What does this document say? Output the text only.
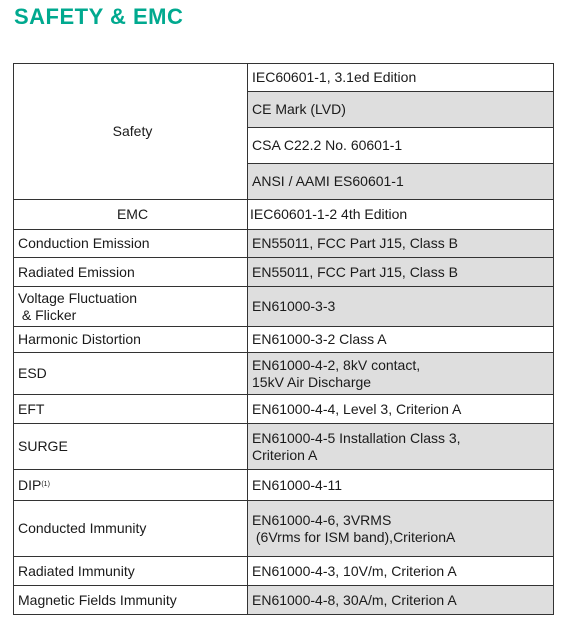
SAFETY & EMC
Safety	IEC60601-1, 3.1ed Edition
	CE Mark (LVD)
	CSA C22.2 No. 60601-1
	ANSI / AAMI ES60601-1
EMC	IEC60601-1-2 4th Edition
Conduction Emission	EN55011, FCC Part J15, Class B
Radiated Emission	EN55011, FCC Part J15, Class B
Voltage Fluctuation
& Flicker	EN61000-3-3
Harmonic Distortion	EN61000-3-2 Class A
ESD	EN61000-4-2, 8kV contact,
15kV Air Discharge
EFT	EN61000-4-4, Level 3, Criterion A
SURGE	EN61000-4-5 Installation Class 3,
Criterion A
DIP$^{(1)}$	EN61000-4-11
Conducted Immunity	EN61000-4-6, 3VRMS
(6Vrms for ISM band),CriterionA
Radiated Immunity	EN61000-4-3, 10V/m, Criterion A
Magnetic Fields Immunity	EN61000-4-8, 30A/m, Criterion A
